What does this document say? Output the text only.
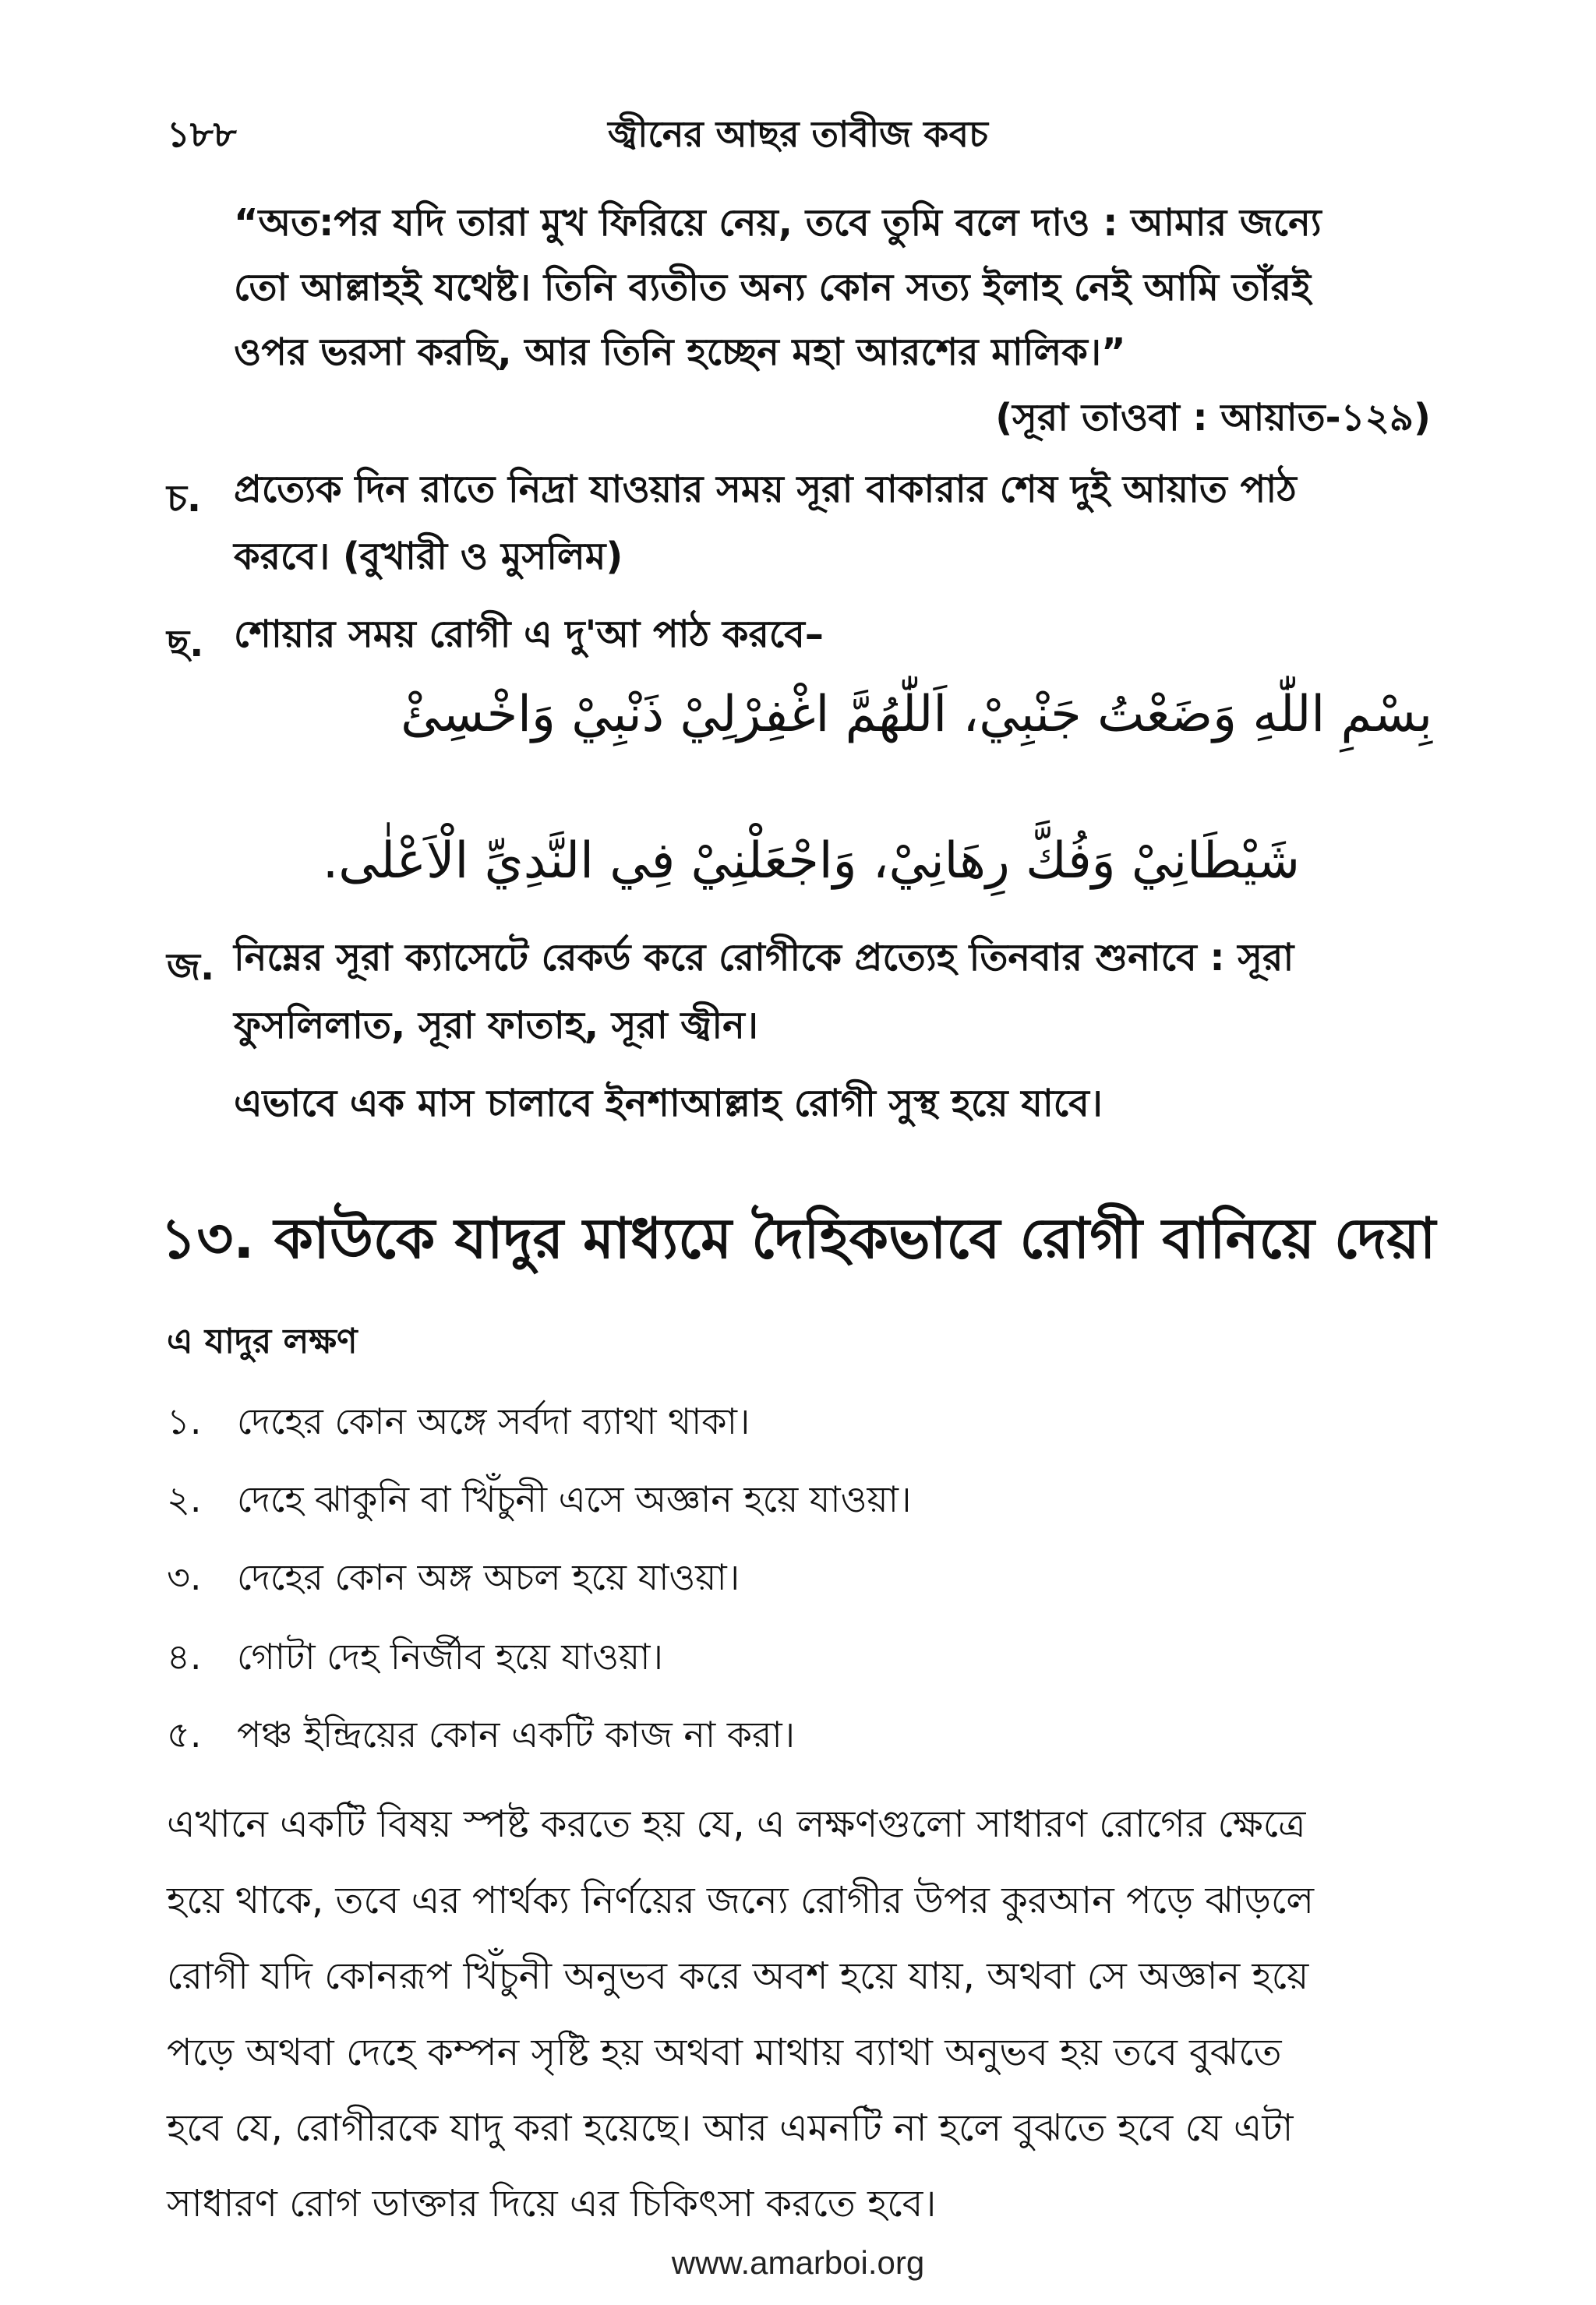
১৮৮	জ্বীনের আছর তাবীজ কবচ
“অত:পর যদি তারা মুখ ফিরিয়ে নেয়, তবে তুমি বলে দাও : আমার জন্যে
তো আল্লাহই যথেষ্ট। তিনি ব্যতীত অন্য কোন সত্য ইলাহ নেই আমি তাঁরই
ওপর ভরসা করছি, আর তিনি হচ্ছেন মহা আরশের মালিক।”
(সূরা তাওবা : আয়াত-১২৯)
চ. প্রত্যেক দিন রাতে নিদ্রা যাওয়ার সময় সূরা বাকারার শেষ দুই আয়াত পাঠ
করবে। (বুখারী ও মুসলিম)
ছ. শোয়ার সময় রোগী এ দু'আ পাঠ করবে–
بِسْمِ اللّٰهِ وَضَعْتُ جَنْبِيْ، اَللّٰهُمَّ اغْفِرْلِيْ ذَنْبِيْ وَاخْسِئْ
شَيْطَانِيْ وَفُكَّ رِهَانِيْ، وَاجْعَلْنِيْ فِي النَّدِيِّ الْاَعْلٰى.
জ. নিম্নের সূরা ক্যাসেটে রেকর্ড করে রোগীকে প্রত্যেহ তিনবার শুনাবে : সূরা
ফুসলিলাত, সূরা ফাতাহ, সূরা জ্বীন।
এভাবে এক মাস চালাবে ইনশাআল্লাহ রোগী সুস্থ হয়ে যাবে।
১৩. কাউকে যাদুর মাধ্যমে দৈহিকভাবে রোগী বানিয়ে দেয়া
এ যাদুর লক্ষণ
১. দেহের কোন অঙ্গে সর্বদা ব্যাথা থাকা।
২. দেহে ঝাকুনি বা খিঁচুনী এসে অজ্ঞান হয়ে যাওয়া।
৩. দেহের কোন অঙ্গ অচল হয়ে যাওয়া।
৪. গোটা দেহ নির্জীব হয়ে যাওয়া।
৫. পঞ্চ ইন্দ্রিয়ের কোন একটি কাজ না করা।
এখানে একটি বিষয় স্পষ্ট করতে হয় যে, এ লক্ষণগুলো সাধারণ রোগের ক্ষেত্রে
হয়ে থাকে, তবে এর পার্থক্য নির্ণয়ের জন্যে রোগীর উপর কুরআন পড়ে ঝাড়লে
রোগী যদি কোনরূপ খিঁচুনী অনুভব করে অবশ হয়ে যায়, অথবা সে অজ্ঞান হয়ে
পড়ে অথবা দেহে কম্পন সৃষ্টি হয় অথবা মাথায় ব্যাথা অনুভব হয় তবে বুঝতে
হবে যে, রোগীরকে যাদু করা হয়েছে। আর এমনটি না হলে বুঝতে হবে যে এটা
সাধারণ রোগ ডাক্তার দিয়ে এর চিকিৎসা করতে হবে।
www.amarboi.org
